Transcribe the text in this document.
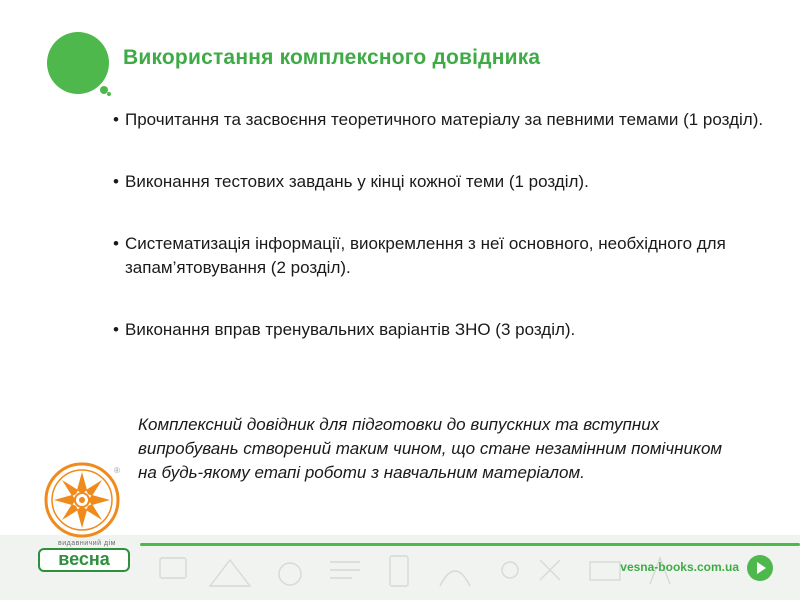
Використання комплексного довідника
• Прочитання та засвоєння теоретичного матеріалу за певними темами (1 розділ).
• Виконання тестових завдань у кінці кожної теми (1 розділ).
• Систематизація інформації, виокремлення з неї основного, необхідного для запам’ятовування (2 розділ).
• Виконання вправ тренувальних варіантів ЗНО (3 розділ).
Комплексний довідник для підготовки до випускних та вступних випробувань створений таким чином, що стане незамінним помічником на будь-якому етапі роботи з навчальним матеріалом.
vesna-books.com.ua
®
видавничий дім
весна
